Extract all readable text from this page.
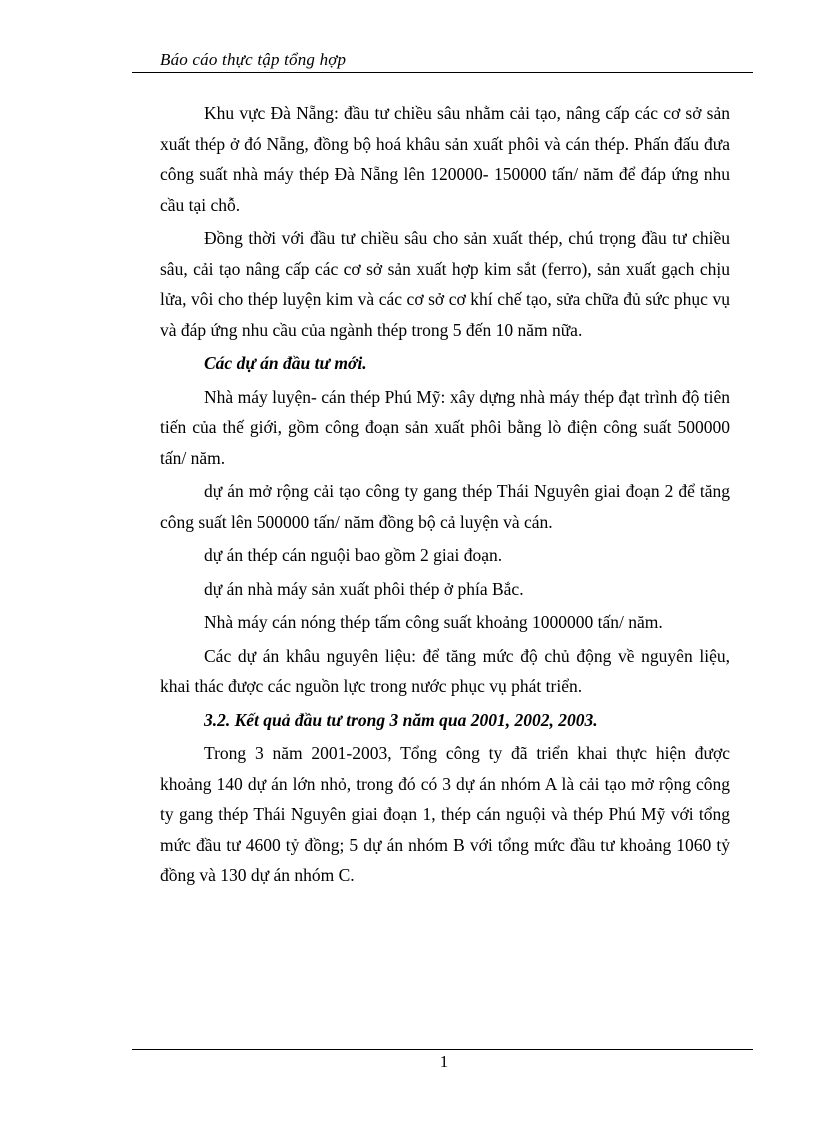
Báo cáo thực tập tổng hợp

Khu vực Đà Nẵng: đầu tư chiều sâu nhằm cải tạo, nâng cấp các cơ sở sản xuất thép ở đó Nẵng, đồng bộ hoá khâu sản xuất phôi và cán thép. Phấn đấu đưa công suất nhà máy thép Đà Nẵng lên 120000- 150000 tấn/ năm để đáp ứng nhu cầu tại chỗ.

Đồng thời với đầu tư chiều sâu cho sản xuất thép, chú trọng đầu tư chiều sâu, cải tạo nâng cấp các cơ sở sản xuất hợp kim sắt (ferro), sản xuất gạch chịu lửa, vôi cho thép luyện kim và các cơ sở cơ khí chế tạo, sửa chữa đủ sức phục vụ và đáp ứng nhu cầu của ngành thép trong 5 đến 10 năm nữa.

Các dự án đầu tư mới.

Nhà máy luyện- cán thép Phú Mỹ: xây dựng nhà máy thép đạt trình độ tiên tiến của thế giới, gồm công đoạn sản xuất phôi bằng lò điện công suất 500000 tấn/ năm.

dự án mở rộng cải tạo công ty gang thép Thái Nguyên giai đoạn 2 để tăng công suất lên 500000 tấn/ năm đồng bộ cả luyện và cán.

dự án thép cán nguội bao gồm 2 giai đoạn.

dự án nhà máy sản xuất phôi thép ở phía Bắc.

Nhà máy cán nóng thép tấm công suất khoảng 1000000 tấn/ năm.

Các dự án khâu nguyên liệu: để tăng mức độ chủ động về nguyên liệu, khai thác được các nguồn lực trong nước phục vụ phát triển.

3.2. Kết quả đầu tư trong 3 năm qua 2001, 2002, 2003.

Trong 3 năm 2001-2003, Tổng công ty đã triển khai thực hiện được khoảng 140 dự án lớn nhỏ, trong đó có 3 dự án nhóm A là cải tạo mở rộng công ty gang thép Thái Nguyên giai đoạn 1, thép cán nguội và thép Phú Mỹ với tổng mức đầu tư 4600 tỷ đồng; 5 dự án nhóm B với tổng mức đầu tư khoảng 1060 tỷ đồng và 130 dự án nhóm C.

1
